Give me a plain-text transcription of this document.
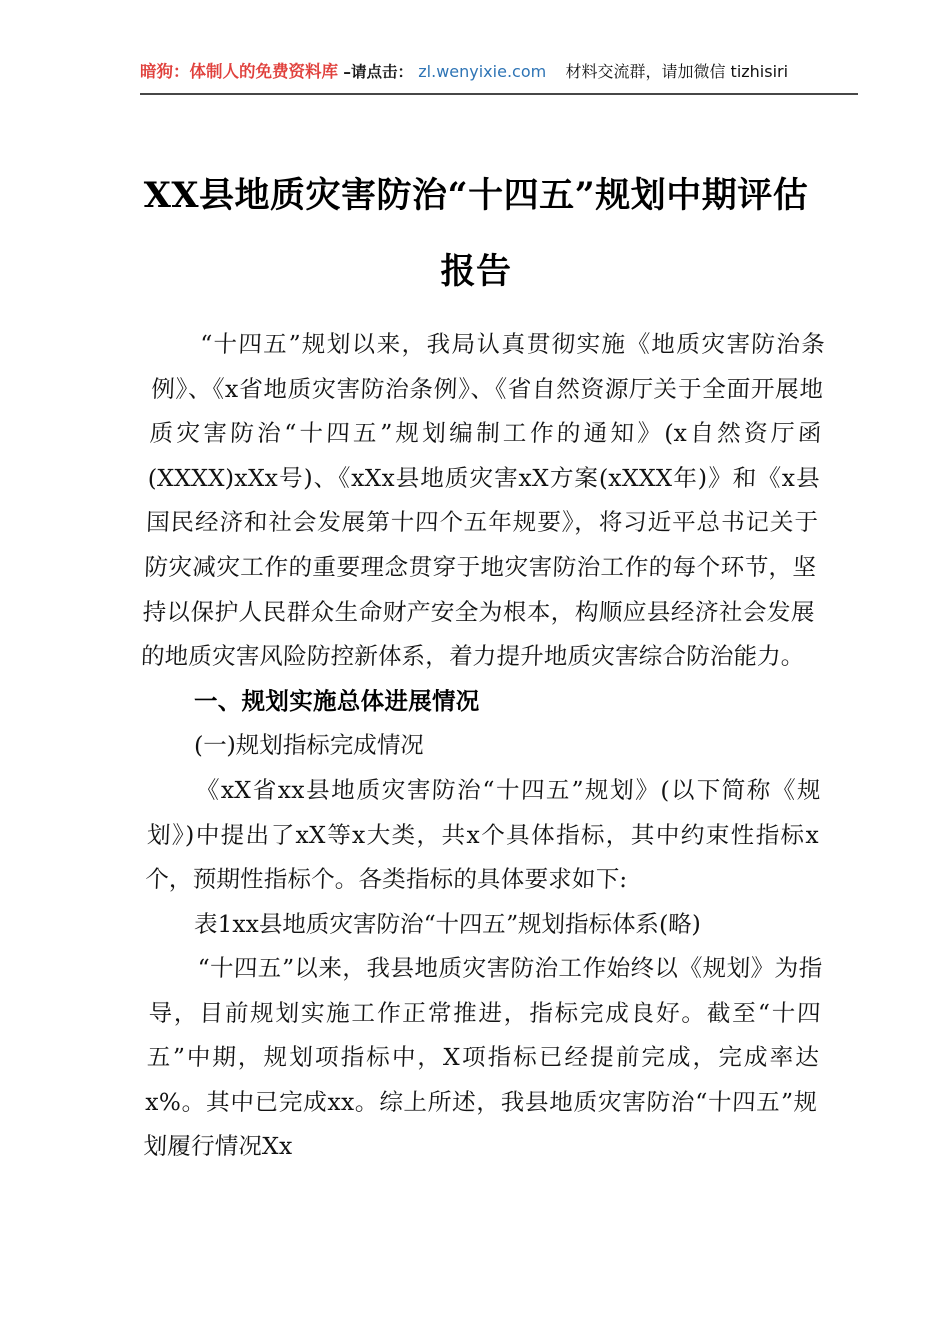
暗狗：体制人的免费资料库 –请点击： zl.wenyixie.com 材料交流群，请加微信 tizhisiri
XX县地质灾害防治“十四五”规划中期评估报告

“十四五”规划以来，我局认真贯彻实施《地质灾害防治条例》、《x省地质灾害防治条例》、《省自然资源厅关于全面开展地质灾害防治“十四五”规划编制工作的通知》(x自然资厅函(XXXX)xXx号)、《xXx县地质灾害xX方案(xXXX年)》和《x县国民经济和社会发展第十四个五年规要》，将习近平总书记关于防灾减灾工作的重要理念贯穿于地灾害防治工作的每个环节，坚持以保护人民群众生命财产安全为根本，构顺应县经济社会发展的地质灾害风险防控新体系，着力提升地质灾害综合防治能力。

一、规划实施总体进展情况

(一)规划指标完成情况

《xX省xx县地质灾害防治“十四五”规划》(以下简称《规划》)中提出了xX等x大类，共x个具体指标，其中约束性指标x个，预期性指标个。各类指标的具体要求如下:

表1xx县地质灾害防治“十四五”规划指标体系(略)

“十四五”以来，我县地质灾害防治工作始终以《规划》为指导，目前规划实施工作正常推进，指标完成良好。截至“十四五”中期，规划项指标中，X项指标已经提前完成，完成率达x%。其中已完成xx。综上所述，我县地质灾害防治“十四五”规划履行情况Xx
